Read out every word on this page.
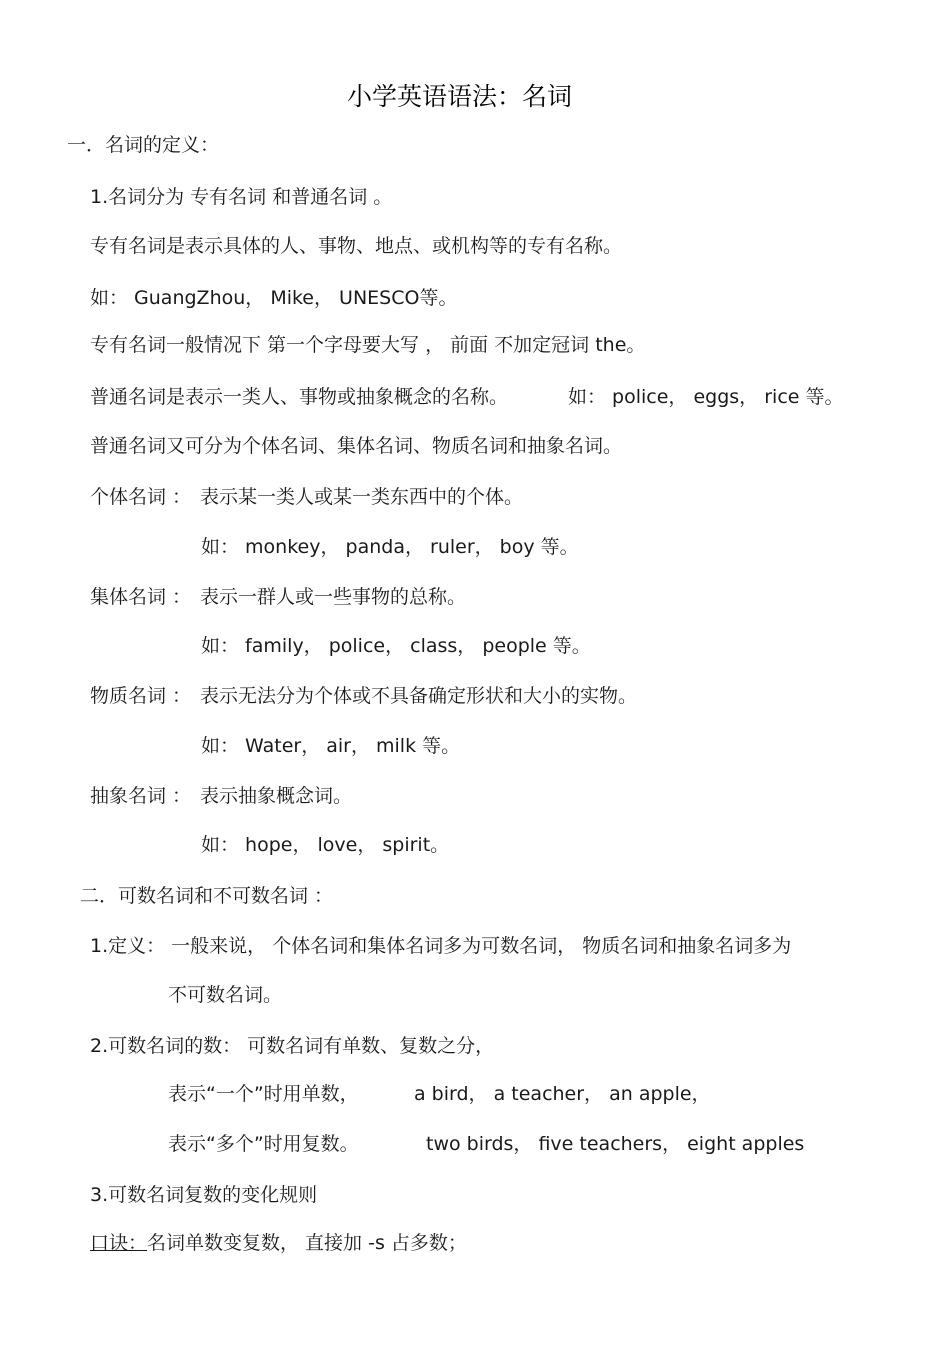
小学英语语法：名词
一．名词的定义：
1.名词分为 专有名词 和普通名词 。
专有名词是表示具体的人、事物、地点、或机构等的专有名称。
如： GuangZhou， Mike， UNESCO等。
专有名词一般情况下 第一个字母要大写 ， 前面 不加定冠词 the。
普通名词是表示一类人、事物或抽象概念的名称。	如： police， eggs， rice 等。
普通名词又可分为个体名词、集体名词、物质名词和抽象名词。
个体名词 ： 表示某一类人或某一类东西中的个体。
如： monkey， panda， ruler， boy 等。
集体名词 ： 表示一群人或一些事物的总称。
如： family， police， class， people 等。
物质名词 ： 表示无法分为个体或不具备确定形状和大小的实物。
如： Water， air， milk 等。
抽象名词 ： 表示抽象概念词。
如： hope， love， spirit。
二．可数名词和不可数名词 ：
1.定义： 一般来说， 个体名词和集体名词多为可数名词， 物质名词和抽象名词多为
不可数名词。
2.可数名词的数： 可数名词有单数、复数之分，
表示“一个”时用单数，	a bird， a teacher， an apple，
表示“多个”时用复数。	two birds， five teachers， eight apples
3.可数名词复数的变化规则
口诀：名词单数变复数， 直接加 -s 占多数；
